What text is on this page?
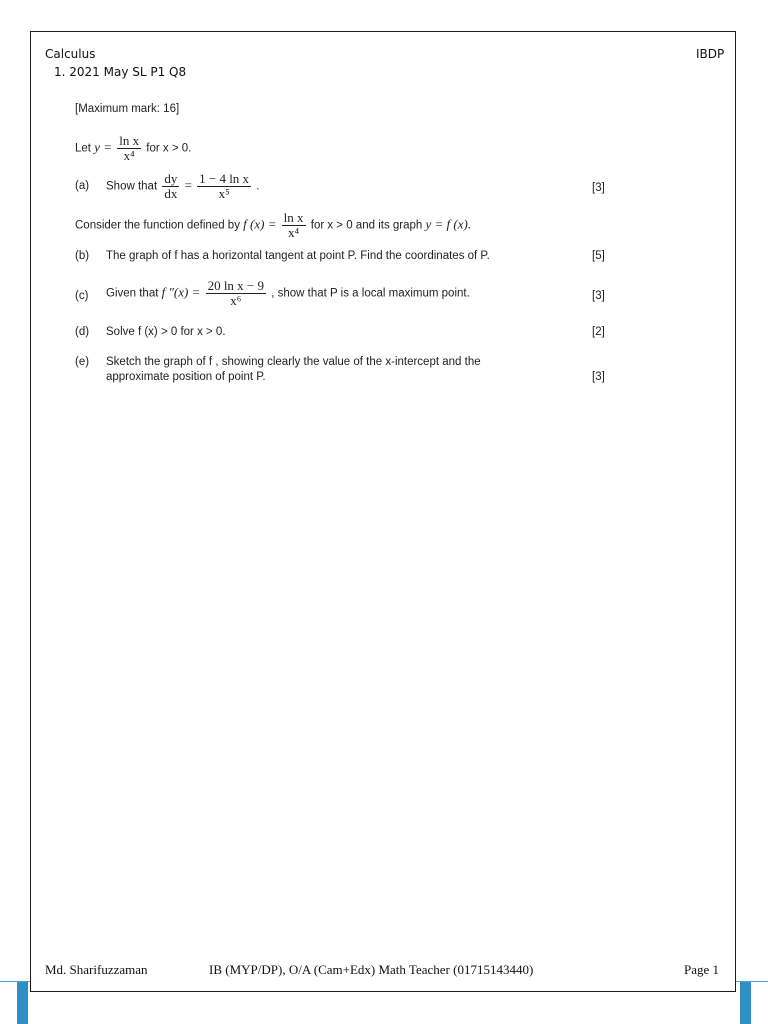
Calculus	IBDP
1. 2021 May SL P1 Q8
[Maximum mark: 16]
Let $y = \frac{\text{ln x}}{\text{x⁴}}$ for x > 0.
(a) Show that $\frac{dy}{dx} = \frac{\text{1 − 4 ln x}}{\text{x⁵}}$ .	[3]
Consider the function defined by f $(x) = \frac{\text{ln x}}{\text{x⁴}}$ for x > 0 and its graph y = f (x).
(b) The graph of f has a horizontal tangent at point P. Find the coordinates of P.	[5]
(c) Given that f $''(x) = \frac{\text{20 ln x − 9}}{\text{x⁶}}$ , show that P is a local maximum point.	[3]
(d) Solve f (x) > 0 for x > 0.	[2]
(e) Sketch the graph of f , showing clearly the value of the x-intercept and the
approximate position of point P.	[3]
Md. Sharifuzzaman	IB (MYP/DP), O/A (Cam+Edx) Math Teacher (01715143440)	Page 1
